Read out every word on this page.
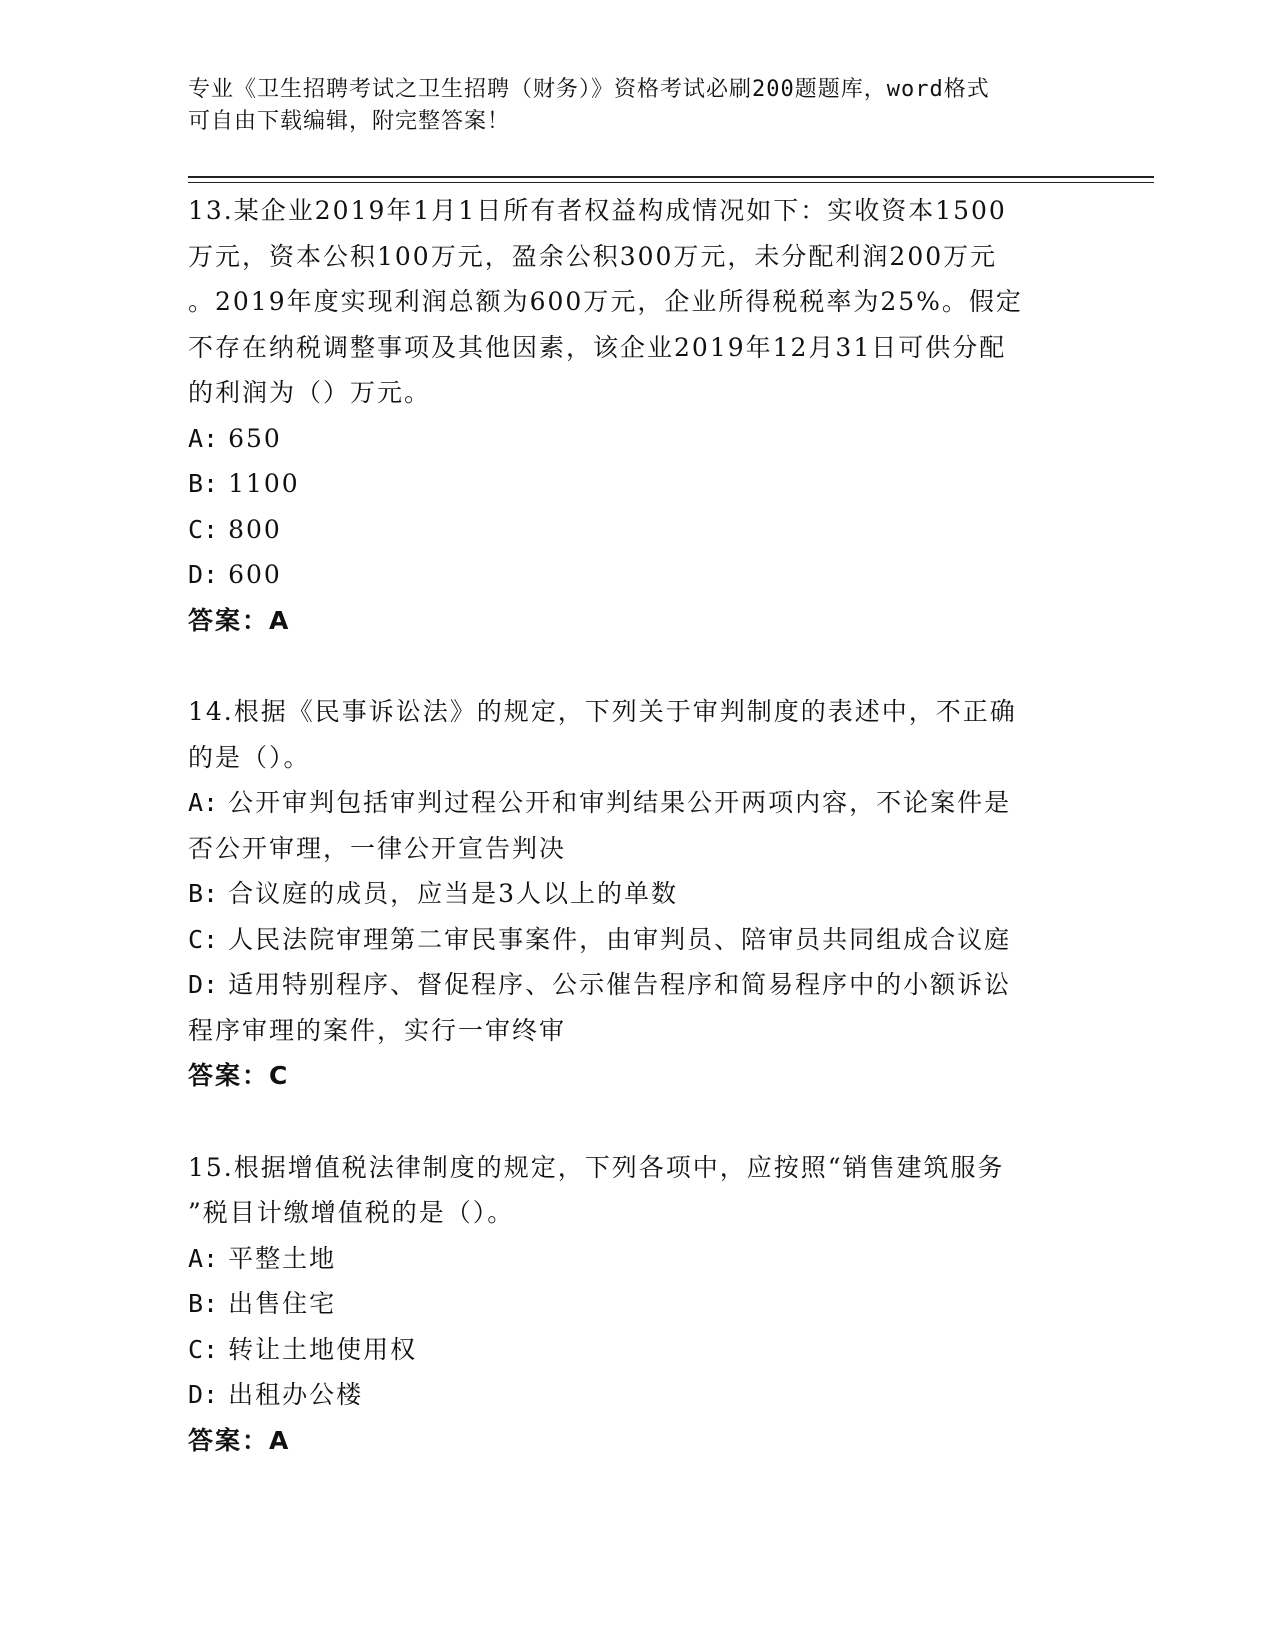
专业《卫生招聘考试之卫生招聘（财务）》资格考试必刷200题题库，word格式
可自由下载编辑，附完整答案！
13.某企业2019年1月1日所有者权益构成情况如下：实收资本1500
万元，资本公积100万元，盈余公积300万元，未分配利润200万元
。2019年度实现利润总额为600万元，企业所得税税率为25%。假定
不存在纳税调整事项及其他因素，该企业2019年12月31日可供分配
的利润为（）万元。
A: 650
B: 1100
C: 800
D: 600
答案：A
14.根据《民事诉讼法》的规定，下列关于审判制度的表述中，不正确
的是（）。
A: 公开审判包括审判过程公开和审判结果公开两项内容，不论案件是
否公开审理，一律公开宣告判决
B: 合议庭的成员，应当是3人以上的单数
C: 人民法院审理第二审民事案件，由审判员、陪审员共同组成合议庭
D: 适用特别程序、督促程序、公示催告程序和简易程序中的小额诉讼
程序审理的案件，实行一审终审
答案：C
15.根据增值税法律制度的规定，下列各项中，应按照“销售建筑服务
”税目计缴增值税的是（）。
A: 平整土地
B: 出售住宅
C: 转让土地使用权
D: 出租办公楼
答案：A
